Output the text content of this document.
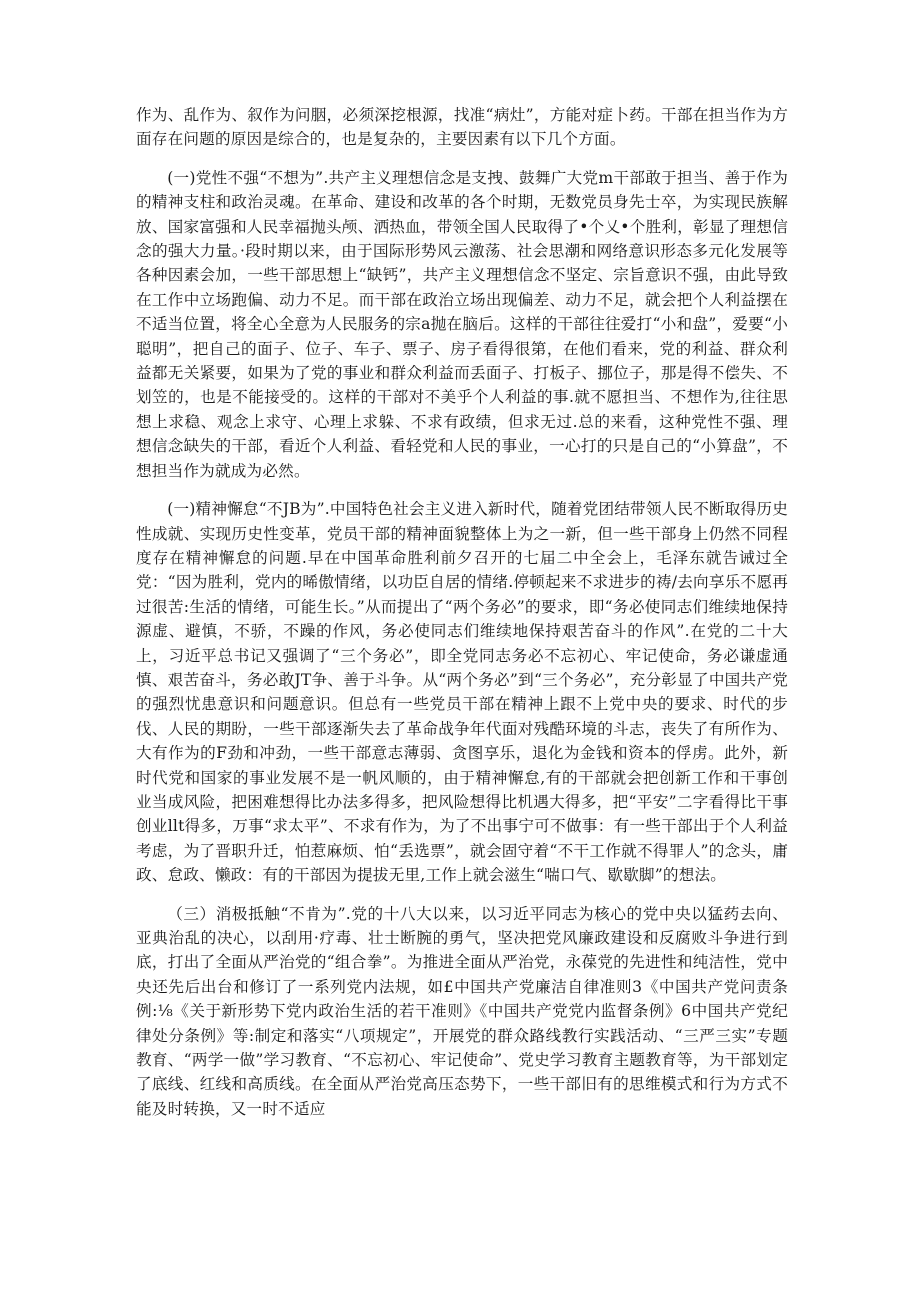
作为、乱作为、叙作为问胭，必须深挖根源，找准“病灶”，方能对症卜药。干部在担当作为方面存在问题的原因是综合的，也是复杂的，主要因素有以下几个方面。

(一)党性不强“不想为”.共产主义理想信念是支拽、鼓舞广大党m干部敢于担当、善于作为的精神支柱和政治灵魂。在革命、建设和改革的各个时期，无数党员身先士卒，为实现民族解放、国家富强和人民幸福抛头颅、洒热血，带领全国人民取得了•个乂•个胜利，彰显了理想信念的强大力量。·段时期以来，由于国际形势风云激荡、社会思潮和网络意识形态多元化发展等各种因素会加，一些干部思想上“缺钙”，共产主义理想信念不坚定、宗旨意识不强，由此导致在工作中立场跑偏、动力不足。而干部在政治立场出现偏差、动力不足，就会把个人利益摆在不适当位置，将全心全意为人民服务的宗a抛在脑后。这样的干部往往爱打“小和盘”，爱要“小聪明”，把自己的面子、位子、车子、票子、房子看得很第，在他们看来，党的利益、群众利益都无关紧要，如果为了党的事业和群众利益而丢面子、打板子、挪位子，那是得不偿失、不划笠的，也是不能接受的。这样的干部对不美乎个人利益的事.就不愿担当、不想作为,往往思想上求稳、观念上求守、心理上求躲、不求有政绩，但求无过.总的来看，这种党性不强、理想信念缺失的干部，看近个人利益、看轻党和人民的事业，一心打的只是自己的“小算盘”，不想担当作为就成为必然。

(一)精神懈怠“不JB为”.中国特色社会主义进入新时代，随着党团结带领人民不断取得历史性成就、实现历史性变革，党员干部的精神面貌整体上为之一新，但一些干部身上仍然不同程度存在精神懈怠的问题.早在中国革命胜利前夕召开的七届二中全会上，毛泽东就告诫过全党：“因为胜利，党内的晞傲情绪，以功臣自居的情绪.停顿起来不求进步的祷/去向享乐不愿再过很苦:生活的情绪，可能生长。”从而提出了“两个务必”的要求，即“务必使同志们维续地保持源虚、避慎，不骄，不躁的作风，务必使同志们维续地保持艰苦奋斗的作风”.在党的二十大上，习近平总书记又强调了“三个务必”，即全党同志务必不忘初心、牢记使命，务必谦虚通慎、艰苦奋斗，务必敢JT争、善于斗争。从“两个务必”到“三个务必”，充分彰显了中国共产党的强烈忧患意识和问题意识。但总有一些党员干部在精神上跟不上党中央的要求、时代的步伐、人民的期盼，一些干部逐渐失去了革命战争年代面对残酷环境的斗志，丧失了有所作为、大有作为的F劲和冲劲，一些干部意志薄弱、贪图享乐，退化为金钱和资本的俘虏。此外，新时代党和国家的事业发展不是一帆风顺的，由于精神懈怠,有的干部就会把创新工作和干事创业当成风险，把困难想得比办法多得多，把风险想得比机遇大得多，把“平安”二字看得比干事创业llt得多，万事“求太平”、不求有作为，为了不出事宁可不做事：有一些干部出于个人利益考虑，为了晋职升迁，怕惹麻烦、怕“丢选票”，就会固守着“不干工作就不得罪人”的念头，庸政、怠政、懒政：有的干部因为提拔无里,工作上就会滋生“喘口气、歇歇脚”的想法。

（三）消极抵触“不肯为”.党的十八大以来，以习近平同志为核心的党中央以猛药去向、亚典治乱的决心，以刮用·疗毒、壮士断腕的勇气，坚决把党风廉政建设和反腐败斗争进行到底，打出了全面从严治党的“组合拳”。为推进全面从严治党，永葆党的先进性和纯洁性，党中央还先后出台和修订了一系列党内法规，如£中国共产党廉洁自律准则3《中国共产党问责条例:⅛《关于新形势下党内政治生活的若干准则》《中国共产党党内监督条例》6中国共产党纪律处分条例》等:制定和落实“八项规定”，开展党的群众路线教行实践活动、“三严三实”专题教育、“两学一做”学习教育、“不忘初心、牢记使命”、党史学习教育主题教育等，为干部划定了底线、红线和高质线。在全面从严治党高压态势下，一些干部旧有的思维模式和行为方式不能及时转换，又一时不适应
